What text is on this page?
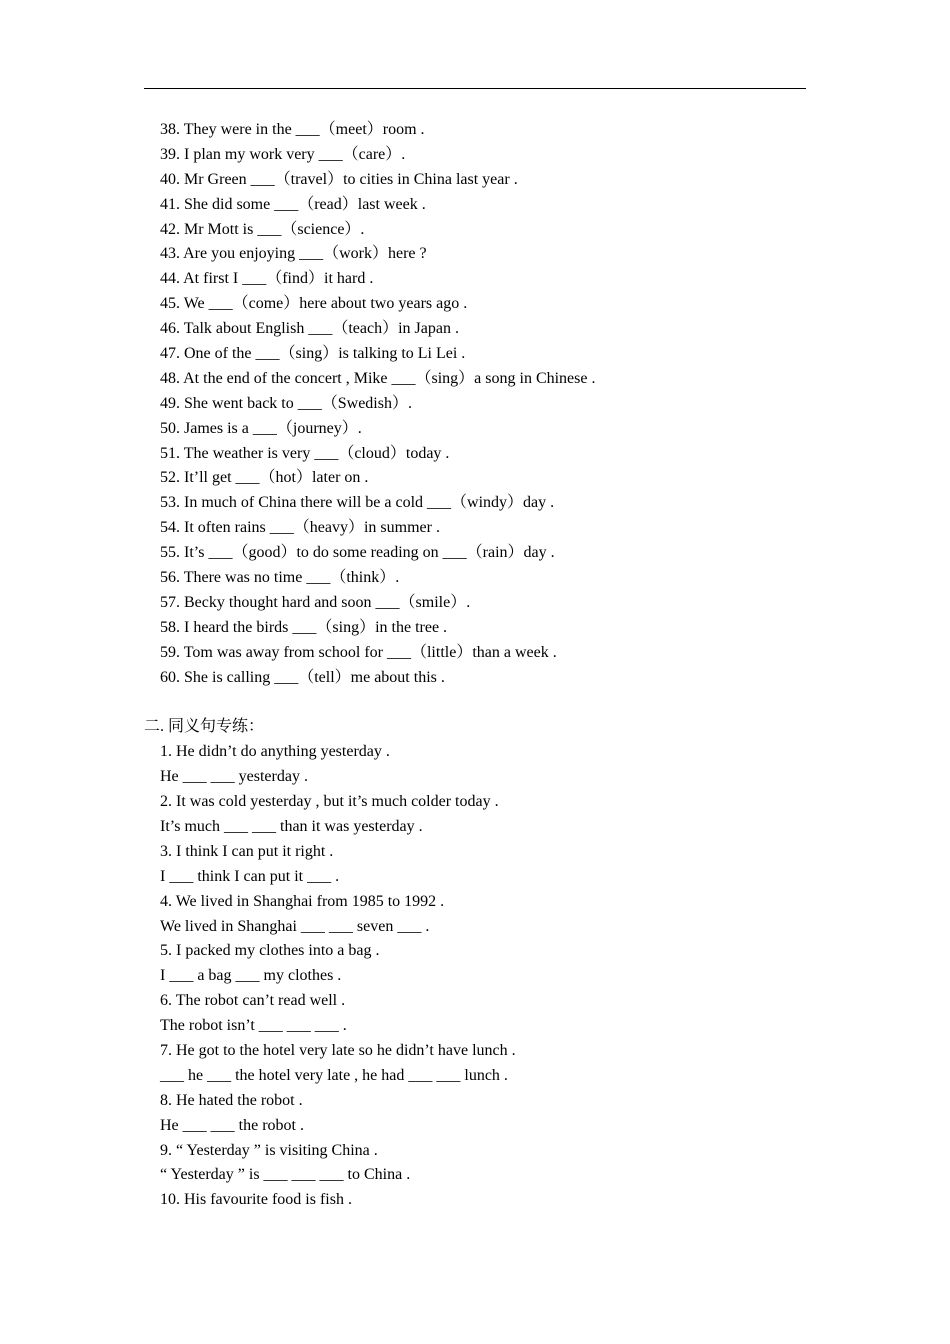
38. They were in the ___（meet）room .
39. I plan my work very ___（care）.
40. Mr Green ___（travel）to cities in China last year .
41. She did some ___（read）last week .
42. Mr Mott is ___（science）.
43. Are you enjoying ___（work）here ?
44. At first I ___（find）it hard .
45. We ___（come）here about two years ago .
46. Talk about English ___（teach）in Japan .
47. One of the ___（sing）is talking to Li Lei .
48. At the end of the concert , Mike ___（sing）a song in Chinese .
49. She went back to ___（Swedish）.
50. James is a ___（journey）.
51. The weather is very ___（cloud）today .
52. It’ll get ___（hot）later on .
53. In much of China there will be a cold ___（windy）day .
54. It often rains ___（heavy）in summer .
55. It’s ___（good）to do some reading on ___（rain）day .
56. There was no time ___（think）.
57. Becky thought hard and soon ___（smile）.
58. I heard the birds ___（sing）in the tree .
59. Tom was away from school for ___（little）than a week .
60. She is calling ___（tell）me about this .
二. 同义句专练：
1. He didn’t do anything yesterday .
He ___ ___ yesterday .
2. It was cold yesterday , but it’s much colder today .
It’s much ___ ___ than it was yesterday .
3. I think I can put it right .
I ___ think I can put it ___ .
4. We lived in Shanghai from 1985 to 1992 .
We lived in Shanghai ___ ___ seven ___ .
5. I packed my clothes into a bag .
I ___ a bag ___ my clothes .
6. The robot can’t read well .
The robot isn’t ___ ___ ___ .
7. He got to the hotel very late so he didn’t have lunch .
___ he ___ the hotel very late , he had ___ ___ lunch .
8. He hated the robot .
He ___ ___ the robot .
9. “ Yesterday ” is visiting China .
“ Yesterday ” is ___ ___ ___ to China .
10. His favourite food is fish .
